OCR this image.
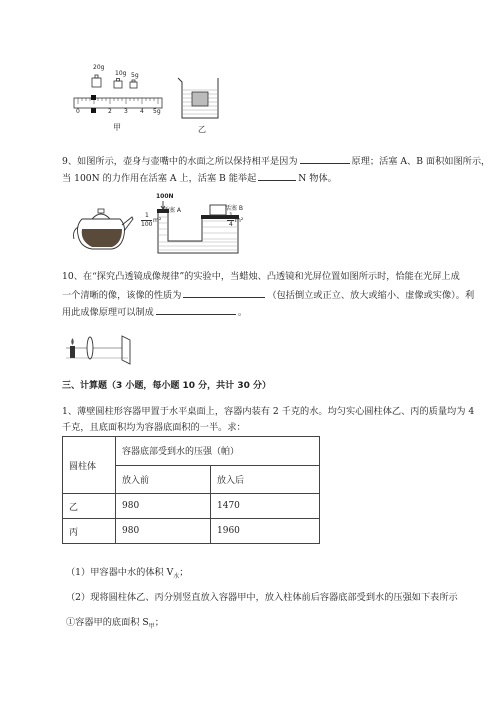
20g
10g 5g
0 1 2 3 4 5g
甲	乙
9、如图所示，壶身与壶嘴中的水面之所以保持相平是因为	原理；活塞 A、B 面积如图所示，
当 100N 的力作用在活塞 A 上，活塞 B 能举起	N 物体。
100N
活塞 A	活塞 B
1
100
m²
1
4
m²
10、在“探究凸透镜成像规律”的实验中，当蜡烛、凸透镜和光屏位置如图所示时，恰能在光屏上成
一个清晰的像，该像的性质为	（包括倒立或正立、放大或缩小、虚像或实像）。利
用此成像原理可以制成	。
三、计算题（3 小题，每小题 10 分，共计 30 分）
1、薄壁圆柱形容器甲置于水平桌面上，容器内装有 2 千克的水。均匀实心圆柱体乙、丙的质量均为 4
千克，且底面积均为容器底面积的一半。求：
圆柱体	容器底部受到水的压强（帕）	
	放入前	放入后
乙	980	1470
丙	980	1960
（1）甲容器中水的体积 $V_水$；
（2）现将圆柱体乙、丙分别竖直放入容器甲中，放入柱体前后容器底部受到水的压强如下表所示
①容器甲的底面积 $S_甲$；
